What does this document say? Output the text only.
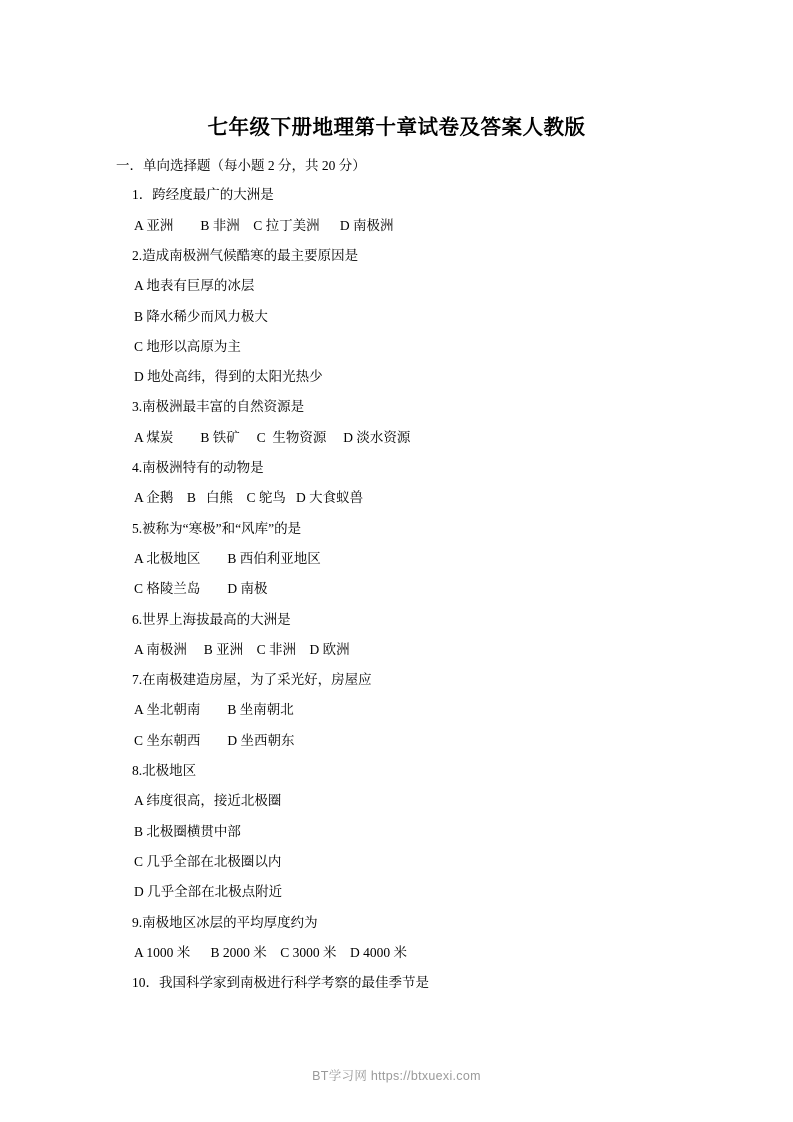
七年级下册地理第十章试卷及答案人教版
一．单向选择题（每小题 2 分，共 20 分）
1．跨经度最广的大洲是
A 亚洲        B 非洲    C 拉丁美洲      D 南极洲
2.造成南极洲气候酷寒的最主要原因是
A 地表有巨厚的冰层
B 降水稀少而风力极大
C 地形以高原为主
D 地处高纬，得到的太阳光热少
3.南极洲最丰富的自然资源是
A 煤炭        B 铁矿     C  生物资源     D 淡水资源
4.南极洲特有的动物是
A 企鹅    B   白熊    C 鸵鸟   D 大食蚁兽
5.被称为“寒极”和“风库”的是
A 北极地区        B 西伯利亚地区
C 格陵兰岛        D 南极
6.世界上海拔最高的大洲是
A 南极洲     B 亚洲    C 非洲    D 欧洲
7.在南极建造房屋，为了采光好，房屋应
A 坐北朝南        B 坐南朝北
C 坐东朝西        D 坐西朝东
8.北极地区
A 纬度很高，接近北极圈
B 北极圈横贯中部
C 几乎全部在北极圈以内
D 几乎全部在北极点附近
9.南极地区冰层的平均厚度约为
A 1000 米      B 2000 米    C 3000 米    D 4000 米
10．我国科学家到南极进行科学考察的最佳季节是
BT学习网 https://btxuexi.com
